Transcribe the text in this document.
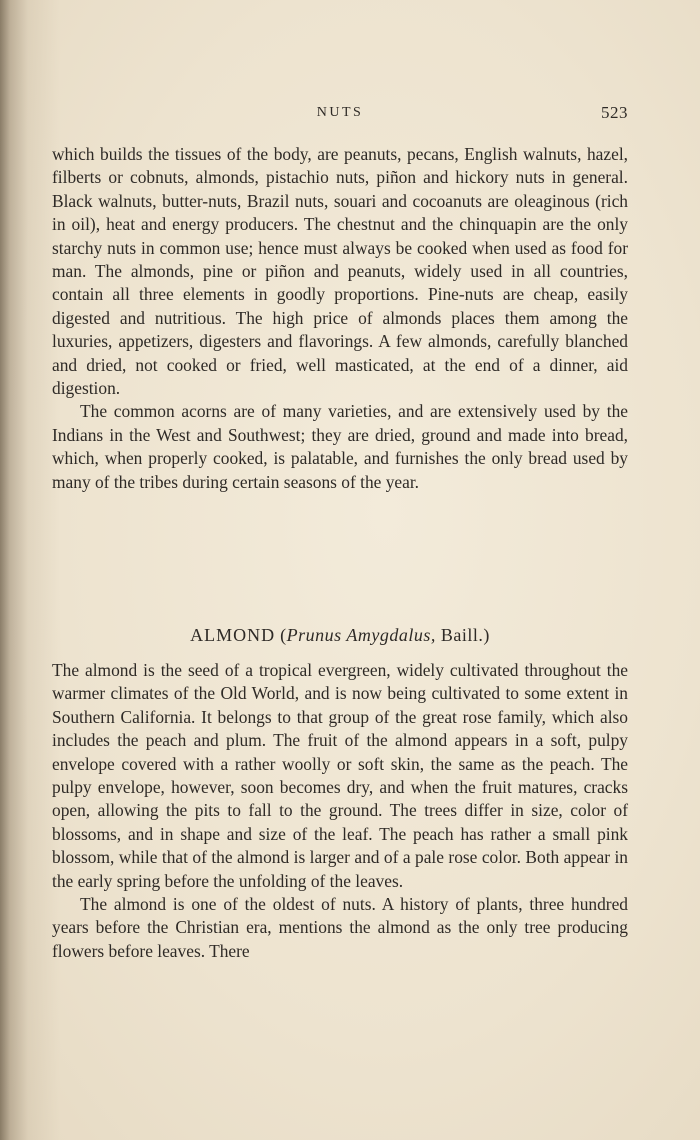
NUTS	523

which builds the tissues of the body, are peanuts, pecans, English walnuts, hazel, filberts or cobnuts, almonds, pistachio nuts, piñon and hickory nuts in general. Black walnuts, butter-nuts, Brazil nuts, souari and cocoanuts are oleaginous (rich in oil), heat and energy producers. The chestnut and the chinquapin are the only starchy nuts in common use; hence must always be cooked when used as food for man. The almonds, pine or piñon and peanuts, widely used in all countries, contain all three elements in goodly proportions. Pine-nuts are cheap, easily digested and nutritious. The high price of almonds places them among the luxuries, appetizers, digesters and flavorings. A few almonds, carefully blanched and dried, not cooked or fried, well masticated, at the end of a dinner, aid digestion.

The common acorns are of many varieties, and are extensively used by the Indians in the West and Southwest; they are dried, ground and made into bread, which, when properly cooked, is palatable, and furnishes the only bread used by many of the tribes during certain seasons of the year.

ALMOND (Prunus Amygdalus, Baill.)

The almond is the seed of a tropical evergreen, widely cultivated throughout the warmer climates of the Old World, and is now being cultivated to some extent in Southern California. It belongs to that group of the great rose family, which also includes the peach and plum. The fruit of the almond appears in a soft, pulpy envelope covered with a rather woolly or soft skin, the same as the peach. The pulpy envelope, however, soon becomes dry, and when the fruit matures, cracks open, allowing the pits to fall to the ground. The trees differ in size, color of blossoms, and in shape and size of the leaf. The peach has rather a small pink blossom, while that of the almond is larger and of a pale rose color. Both appear in the early spring before the unfolding of the leaves.

The almond is one of the oldest of nuts. A history of plants, three hundred years before the Christian era, mentions the almond as the only tree producing flowers before leaves. There
